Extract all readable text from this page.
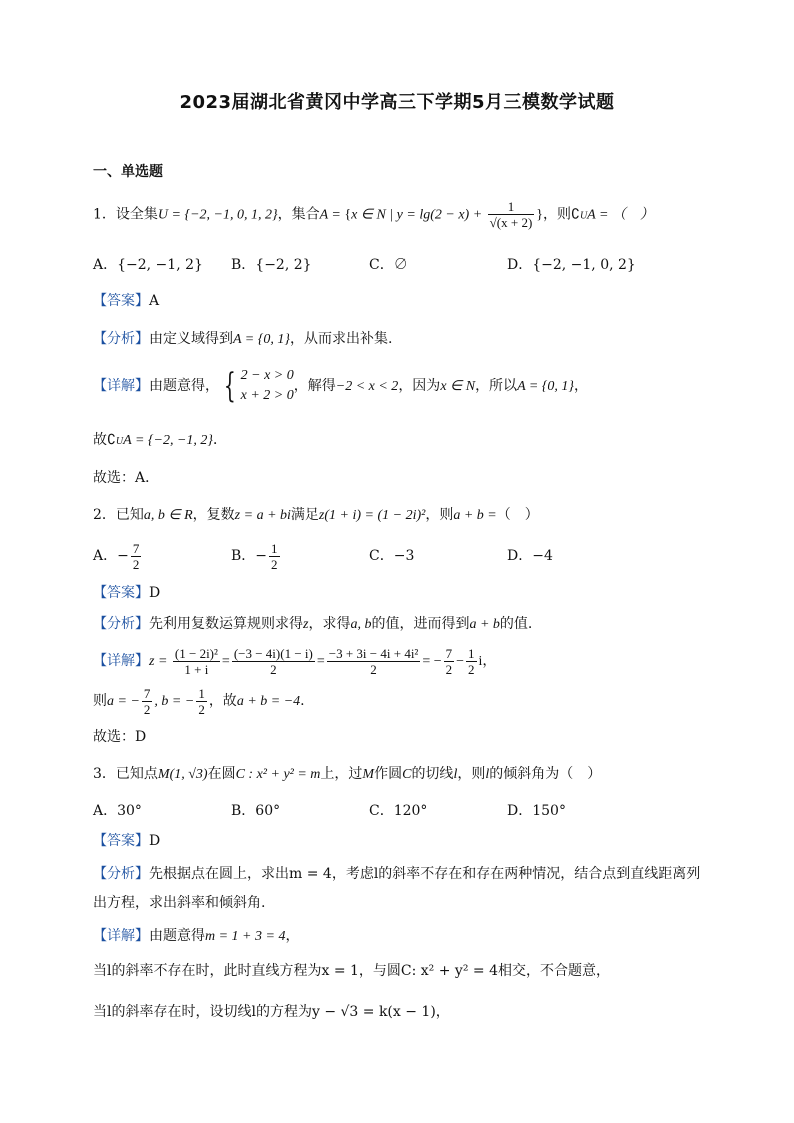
2023届湖北省黄冈中学高三下学期5月三模数学试题
一、单选题
1．设全集U = {−2, −1, 0, 1, 2}，集合A = {x ∈ N | $y = \lg(2 - x) + \frac{1}{√(x + 2)}$ }，则∁UA = （　）
A．{−2, −1, 2} B．{−2, 2}	C．∅	D．{−2, −1, 0, 2}
【答案】A
【分析】由定义域得到A = {0, 1}，从而求出补集.
【详解】由题意得， { 2 − x > 0
x + 2 > 0
，解得−2 < x < 2，因为x ∈ N，所以A = {0, 1}，
故∁UA = {−2, −1, 2}．
故选：A．
2．已知a, b ∈ R，复数z = a + bi满足z(1 + i) = (1 − 2i)²，则a + b =（　）
A．− $\frac{7}{2}$	B．− $\frac{1}{2}$	C．−3	D．−4
【答案】D
【分析】先利用复数运算规则求得z，求得a, b的值，进而得到a + b的值.
【详解】$z = \frac{\text{(1 − 2i)²}}{1 + i} = \frac{(-3 - 4i)(1 - i)}{2} = \frac{\text{−3 + 3i − 4i + 4i²}}{2}$ = − $\frac{7}{2} - \frac{1}{2}$ i，
则a = − $\frac{7}{2}$ , b = − $\frac{1}{2}$ ，故a + b = −4.
故选：D
3．已知点M(1, √3)在圆C : x² + y² = m上，过M作圆C的切线l，则l的倾斜角为（　）
A．30°	B．60°	C．120°	D．150°
【答案】D
【分析】先根据点在圆上，求出m = 4，考虑l的斜率不存在和存在两种情况，结合点到直线距离列
出方程，求出斜率和倾斜角.
【详解】由题意得m = 1 + 3 = 4，
当l的斜率不存在时，此时直线方程为x = 1，与圆C: x² + y² = 4相交，不合题意，
当l的斜率存在时，设切线l的方程为y − √3 = k(x − 1)，
